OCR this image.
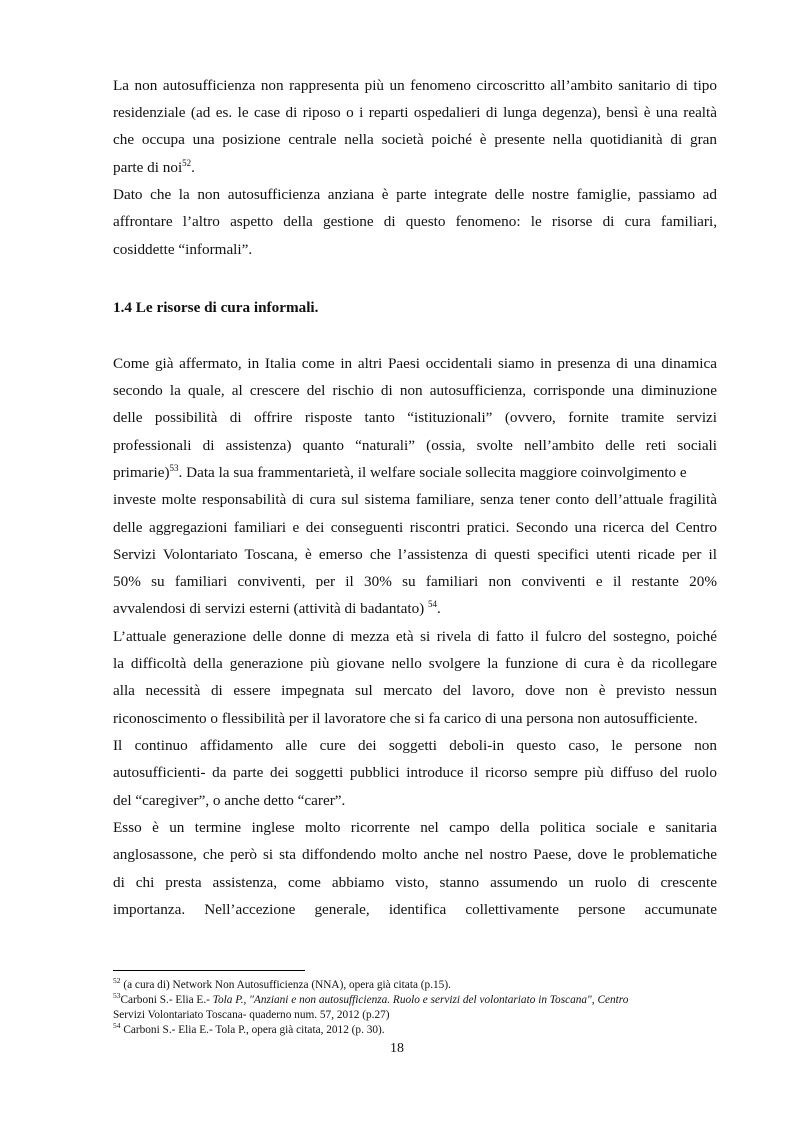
La non autosufficienza non rappresenta più un fenomeno circoscritto all’ambito sanitario di tipo
residenziale (ad es. le case di riposo o i reparti ospedalieri di lunga degenza), bensì è una realtà
che occupa una posizione centrale nella società poiché è presente nella quotidianità di gran
parte di noi$^{52}$.
Dato che la non autosufficienza anziana è parte integrate delle nostre famiglie, passiamo ad
affrontare l’altro aspetto della gestione di questo fenomeno: le risorse di cura familiari,
cosiddette “informali”.
1.4 Le risorse di cura informali.
Come già affermato, in Italia come in altri Paesi occidentali siamo in presenza di una dinamica
secondo la quale, al crescere del rischio di non autosufficienza, corrisponde una diminuzione
delle possibilità di offrire risposte tanto “istituzionali” (ovvero, fornite tramite servizi
professionali di assistenza) quanto “naturali” (ossia, svolte nell’ambito delle reti sociali
primarie)$^{53}$. Data la sua frammentarietà, il welfare sociale sollecita maggiore coinvolgimento e
investe molte responsabilità di cura sul sistema familiare, senza tener conto dell’attuale fragilità
delle aggregazioni familiari e dei conseguenti riscontri pratici. Secondo una ricerca del Centro
Servizi Volontariato Toscana, è emerso che l’assistenza di questi specifici utenti ricade per il
50% su familiari conviventi, per il 30% su familiari non conviventi e il restante 20%
avvalendosi di servizi esterni (attività di badantato) $^{54}$.
L’attuale generazione delle donne di mezza età si rivela di fatto il fulcro del sostegno, poiché
la difficoltà della generazione più giovane nello svolgere la funzione di cura è da ricollegare
alla necessità di essere impegnata sul mercato del lavoro, dove non è previsto nessun
riconoscimento o flessibilità per il lavoratore che si fa carico di una persona non autosufficiente.
Il continuo affidamento alle cure dei soggetti deboli-in questo caso, le persone non
autosufficienti- da parte dei soggetti pubblici introduce il ricorso sempre più diffuso del ruolo
del “caregiver”, o anche detto “carer”.
Esso è un termine inglese molto ricorrente nel campo della politica sociale e sanitaria
anglosassone, che però si sta diffondendo molto anche nel nostro Paese, dove le problematiche
di chi presta assistenza, come abbiamo visto, stanno assumendo un ruolo di crescente
importanza. Nell’accezione generale, identifica collettivamente persone accumunate
$^{52}$ (a cura di) Network Non Autosufficienza (NNA), opera già citata (p.15).
$^{53}$Carboni S.- Elia E.- Tola P., "Anziani e non autosufficienza. Ruolo e servizi del volontariato in Toscana", Centro
Servizi Volontariato Toscana- quaderno num. 57, 2012 (p.27)
$^{54}$ Carboni S.- Elia E.- Tola P., opera già citata, 2012 (p. 30).
18
